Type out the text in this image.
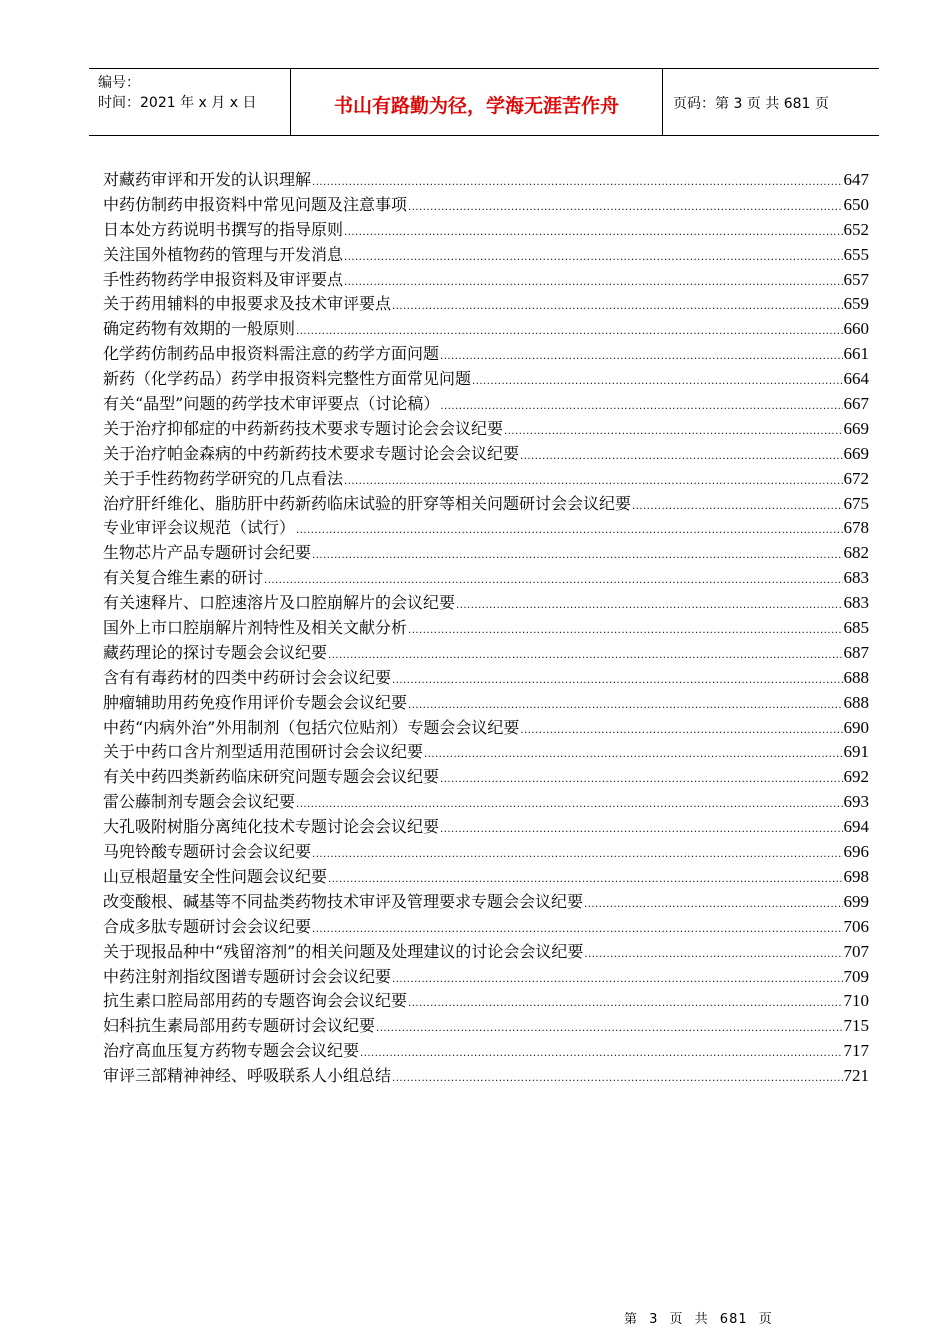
编号：
时间：2021 年 x 月 x 日	书山有路勤为径，学海无涯苦作舟	页码：第 3 页 共 681 页
对藏药审评和开发的认识理解 .....	647
中药仿制药申报资料中常见问题及注意事项 .....	650
日本处方药说明书撰写的指导原则 .....	652
关注国外植物药的管理与开发消息 .....	655
手性药物药学申报资料及审评要点 .....	657
关于药用辅料的申报要求及技术审评要点 .....	659
确定药物有效期的一般原则 .....	660
化学药仿制药品申报资料需注意的药学方面问题 .....	661
新药（化学药品）药学申报资料完整性方面常见问题 .....	664
有关“晶型”问题的药学技术审评要点（讨论稿） .....	667
关于治疗抑郁症的中药新药技术要求专题讨论会会议纪要 .....	669
关于治疗帕金森病的中药新药技术要求专题讨论会会议纪要 .....	669
关于手性药物药学研究的几点看法 .....	672
治疗肝纤维化、脂肪肝中药新药临床试验的肝穿等相关问题研讨会会议纪要 .....	675
专业审评会议规范（试行） .....	678
生物芯片产品专题研讨会纪要 .....	682
有关复合维生素的研讨 .....	683
有关速释片、口腔速溶片及口腔崩解片的会议纪要 .....	683
国外上市口腔崩解片剂特性及相关文献分析 .....	685
藏药理论的探讨专题会会议纪要 .....	687
含有有毒药材的四类中药研讨会会议纪要 .....	688
肿瘤辅助用药免疫作用评价专题会会议纪要 .....	688
中药“内病外治”外用制剂（包括穴位贴剂）专题会会议纪要 .....	690
关于中药口含片剂型适用范围研讨会会议纪要 .....	691
有关中药四类新药临床研究问题专题会会议纪要 .....	692
雷公藤制剂专题会会议纪要 .....	693
大孔吸附树脂分离纯化技术专题讨论会会议纪要 .....	694
马兜铃酸专题研讨会会议纪要 .....	696
山豆根超量安全性问题会议纪要 .....	698
改变酸根、碱基等不同盐类药物技术审评及管理要求专题会会议纪要 .....	699
合成多肽专题研讨会会议纪要 .....	706
关于现报品种中“残留溶剂”的相关问题及处理建议的讨论会会议纪要 .....	707
中药注射剂指纹图谱专题研讨会会议纪要 .....	709
抗生素口腔局部用药的专题咨询会会议纪要 .....	710
妇科抗生素局部用药专题研讨会议纪要 .....	715
治疗高血压复方药物专题会会议纪要 .....	717
审评三部精神神经、呼吸联系人小组总结 .....	721
第 3 页 共 681 页
